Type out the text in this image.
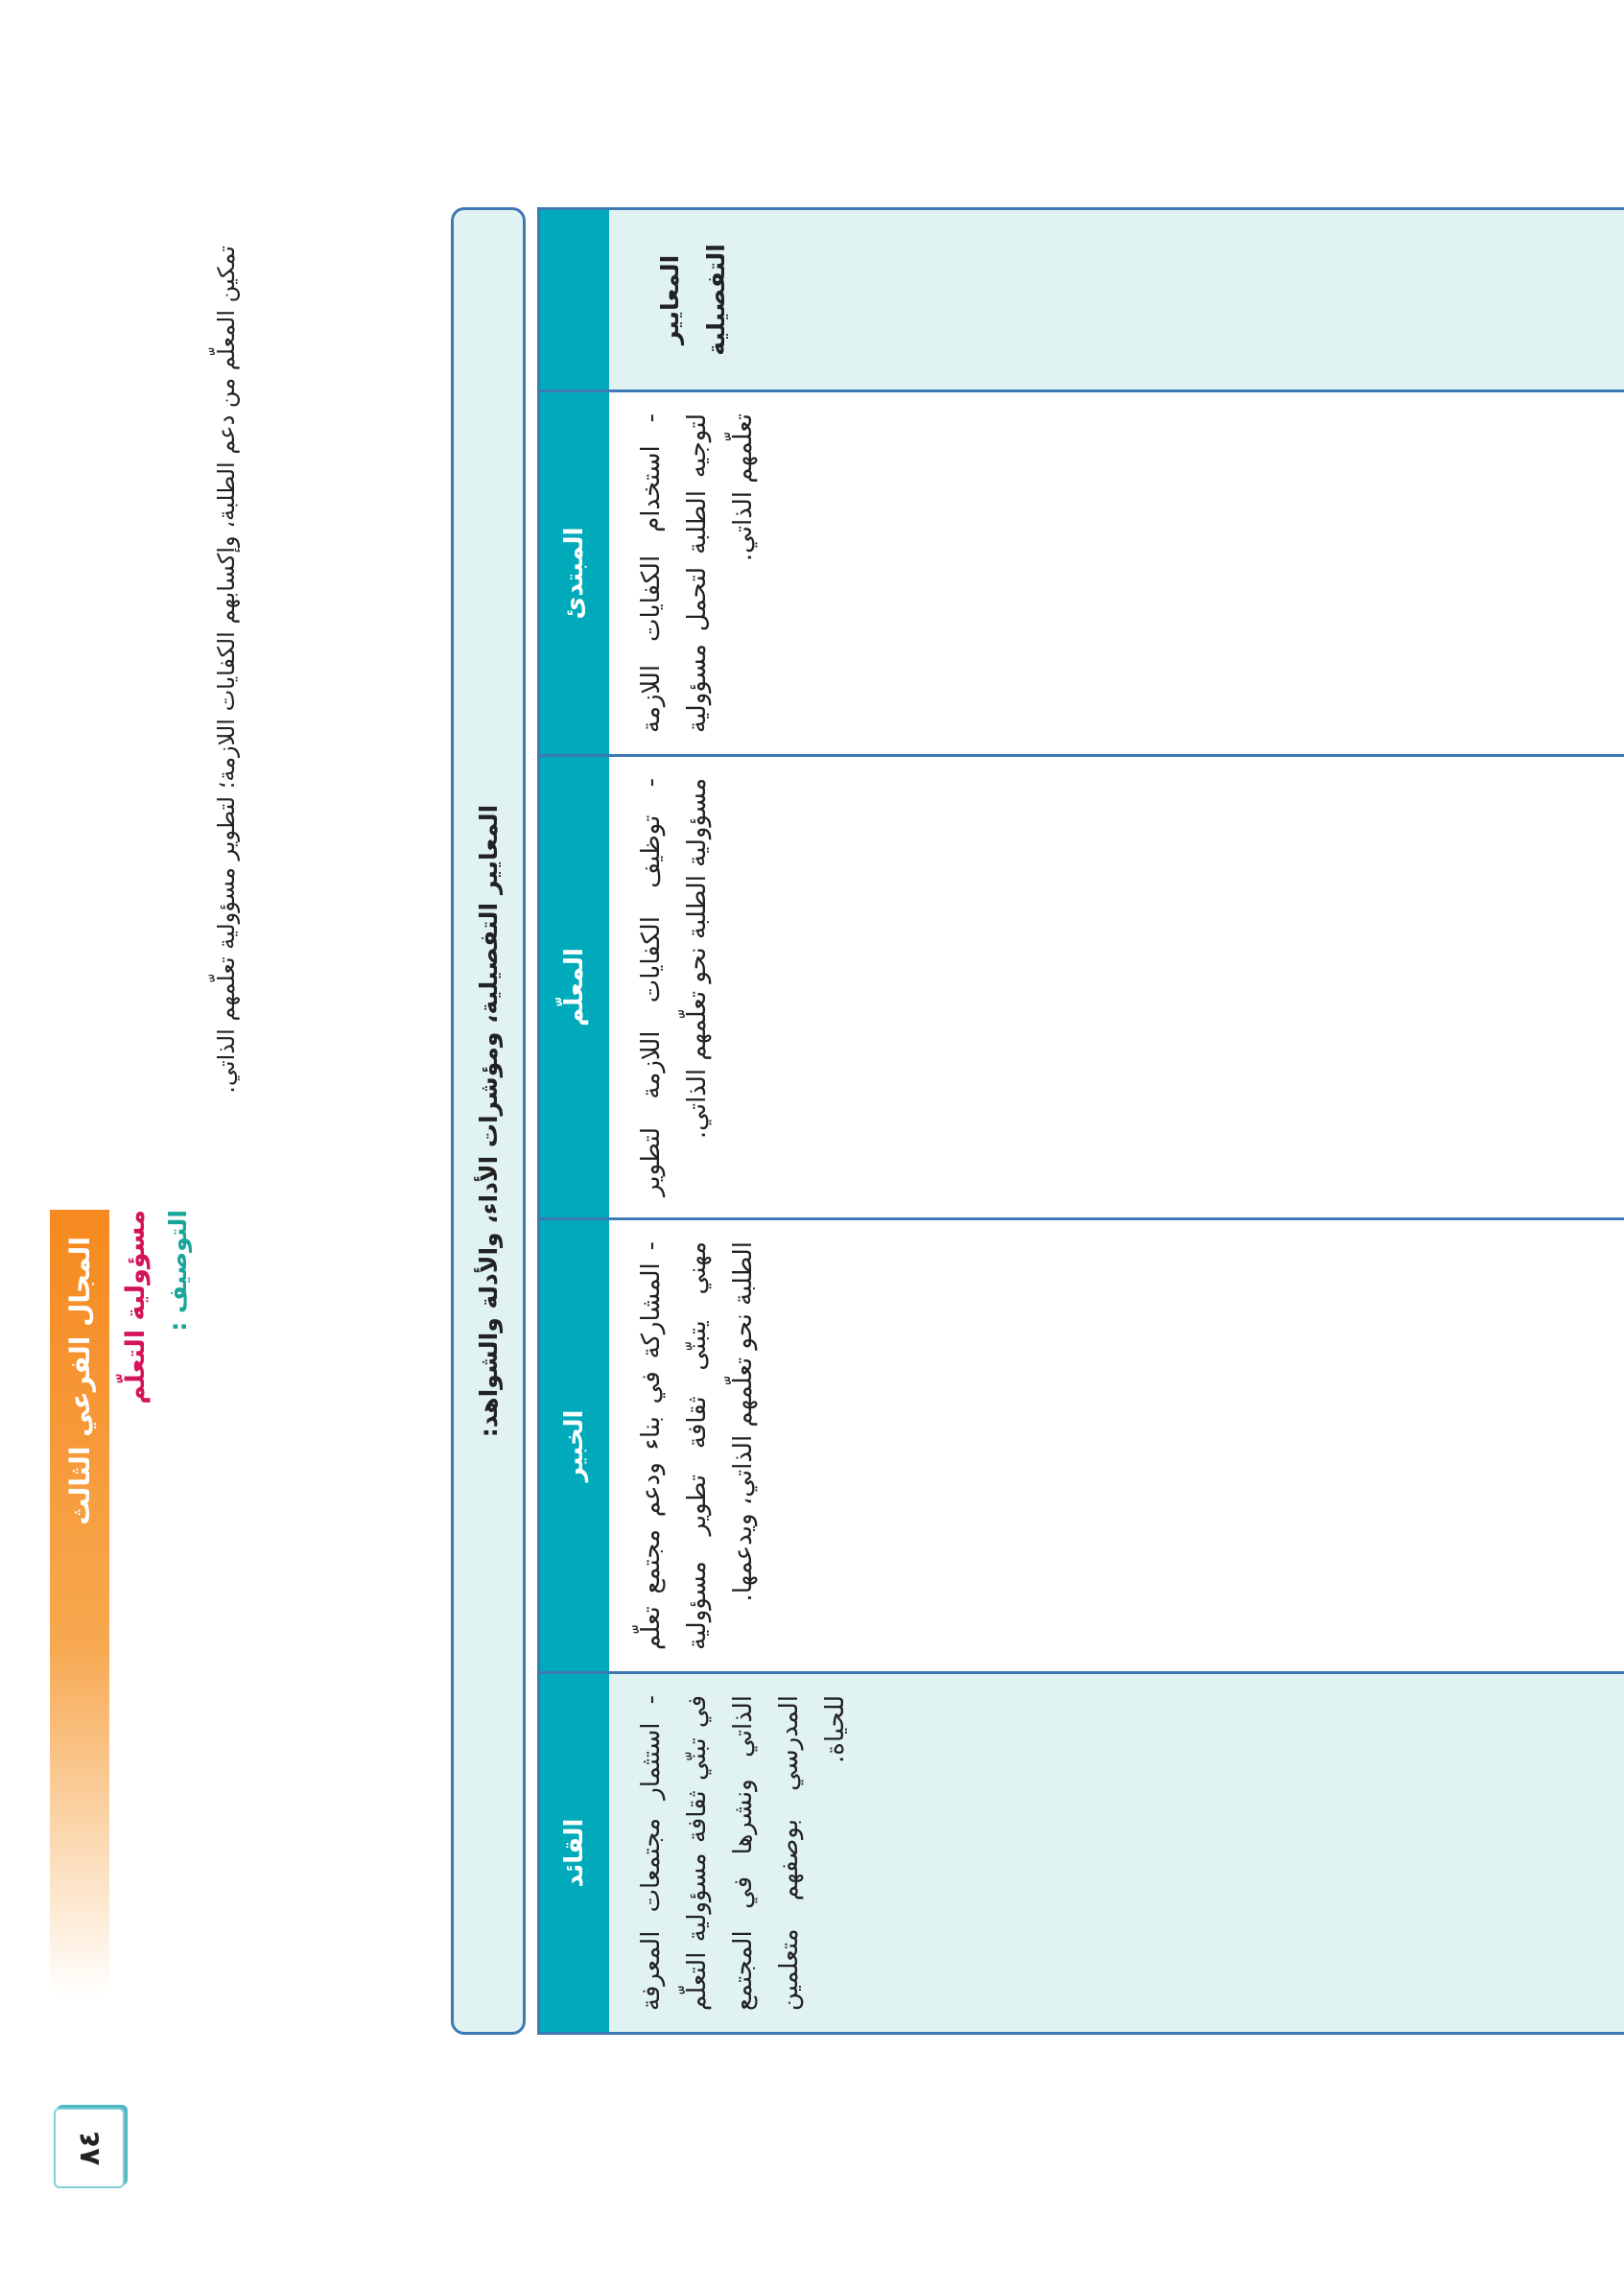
المجال الفرعي الثالث مسؤولية التعلّم التوصيف :
تمكين المعلّم من دعم الطلبة، وإكسابهم الكفايات اللازمة؛ لتطوير مسؤولية تعلّمهم الذاتي.
٨٤
المعايير التفصيلية، ومؤشرات الأداء، والأدلة والشواهد:
المبتدئ
المعلّم
الخبير
القائد
المعايير
التفصيلية
- استخدام الكفايات اللازمة لتوجيه الطلبة لتحمل مسؤولية تعلّمهم الذاتي.
- توظيف الكفايات اللازمة لتطوير مسؤولية الطلبة نحو تعلّمهم الذاتي.
- المشاركة في بناء ودعم مجتمع تعلّم مهني يتبنّى ثقافة تطوير مسؤولية الطلبة نحو تعلّمهم الذاتي، ويدعمها.
- استثمار مجتمعات المعرفة في تبنّي ثقافة مسؤولية التعلّم الذاتي ونشرها في المجتمع المدرسي بوصفهم متعلمين للحياة.
